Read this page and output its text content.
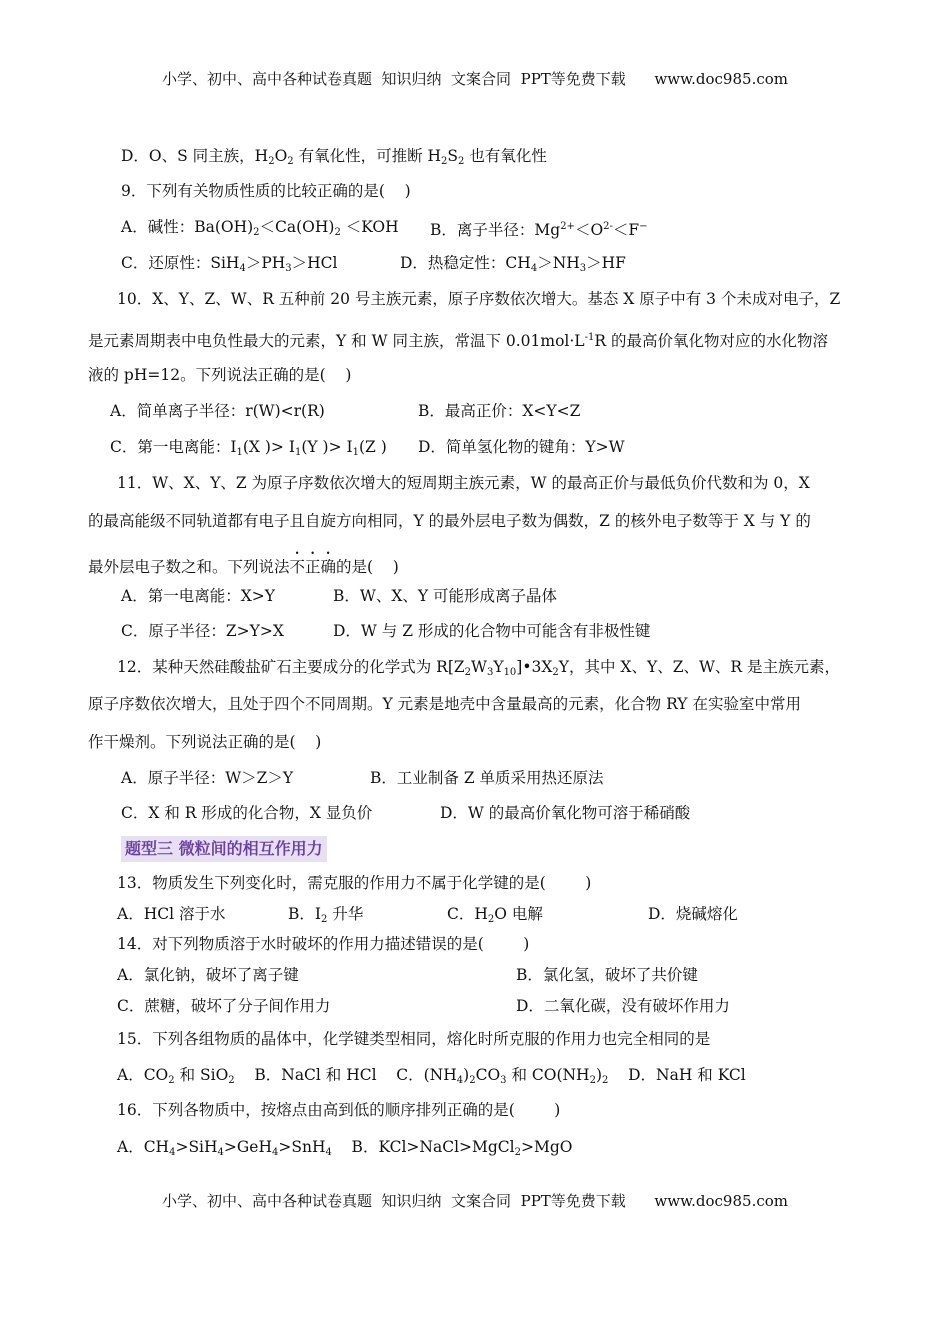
小学、初中、高中各种试卷真题  知识归纳  文案合同  PPT等免费下载      www.doc985.com
D．O、S 同主族，$H_2O_2$ 有氧化性，可推断 $H_2S_2$ 也有氧化性
9．下列有关物质性质的比较正确的是(    )
A．碱性：$Ba(OH)_2<Ca(OH)_2 <KOH$ B．离子半径：$Mg^{2+}<O^{2-}<F^-$
C．还原性：$SiH_4>PH_3>HCl$	D．热稳定性：$CH_4>NH_3>HF$
10．X、Y、Z、W、R 五种前 20 号主族元素，原子序数依次增大。基态 X 原子中有 3 个未成对电子，Z
是元素周期表中电负性最大的元素，Y 和 W 同主族，常温下 $0.01mol\cdot L^{-1}R$ 的最高价氧化物对应的水化物溶
液的 pH=12。下列说法正确的是(    )
A．简单离子半径：r(W)<r(R)	B．最高正价：X<Y<Z
C．第一电离能：$I_1(X$ )> $I_1(Y$ )> $I_1(Z$ ) D．简单氢化物的键角：Y>W
11．W、X、Y、Z 为原子序数依次增大的短周期主族元素，W 的最高正价与最低负价代数和为 0，X
的最高能级不同轨道都有电子且自旋方向相同，Y 的最外层电子数为偶数，Z 的核外电子数等于 X 与 Y 的
最外层电子数之和。下列说法不正确的是(    )
A．第一电离能：X>Y	B．W、X、Y 可能形成离子晶体
C．原子半径：Z>Y>X	D．W 与 Z 形成的化合物中可能含有非极性键
12．某种天然硅酸盐矿石主要成分的化学式为 $R[Z_2W_3Y_{10}]•3X_2Y$，其中 X、Y、Z、W、R 是主族元素，
原子序数依次增大，且处于四个不同周期。Y 元素是地壳中含量最高的元素，化合物 RY 在实验室中常用
作干燥剂。下列说法正确的是(    )
A．原子半径：W＞Z＞Y	B．工业制备 Z 单质采用热还原法
C．X 和 R 形成的化合物，X 显负价	D．W 的最高价氧化物可溶于稀硝酸
题型三 微粒间的相互作用力
13．物质发生下列变化时，需克服的作用力不属于化学键的是(        )
A．HCl 溶于水	B．$I_2$ 升华	C．$H_2O$ 电解	D．烧碱熔化
14．对下列物质溶于水时破坏的作用力描述错误的是(        )
A．氯化钠，破坏了离子键	B．氯化氢，破坏了共价键
C．蔗糖，破坏了分子间作用力	D．二氧化碳，没有破坏作用力
15．下列各组物质的晶体中，化学键类型相同，熔化时所克服的作用力也完全相同的是
A．$CO_2$ 和 SiO$_2$    B．NaCl 和 HCl    C．$(NH_4)_2CO_3$ 和 $CO(NH_2)_2$    D．NaH 和 KCl
16．下列各物质中，按熔点由高到低的顺序排列正确的是(        )
A．$CH_4>SiH_4>GeH_4>SnH_4$    B．KCl>NaCl>MgCl$_2$>MgO
小学、初中、高中各种试卷真题  知识归纳  文案合同  PPT等免费下载      www.doc985.com
